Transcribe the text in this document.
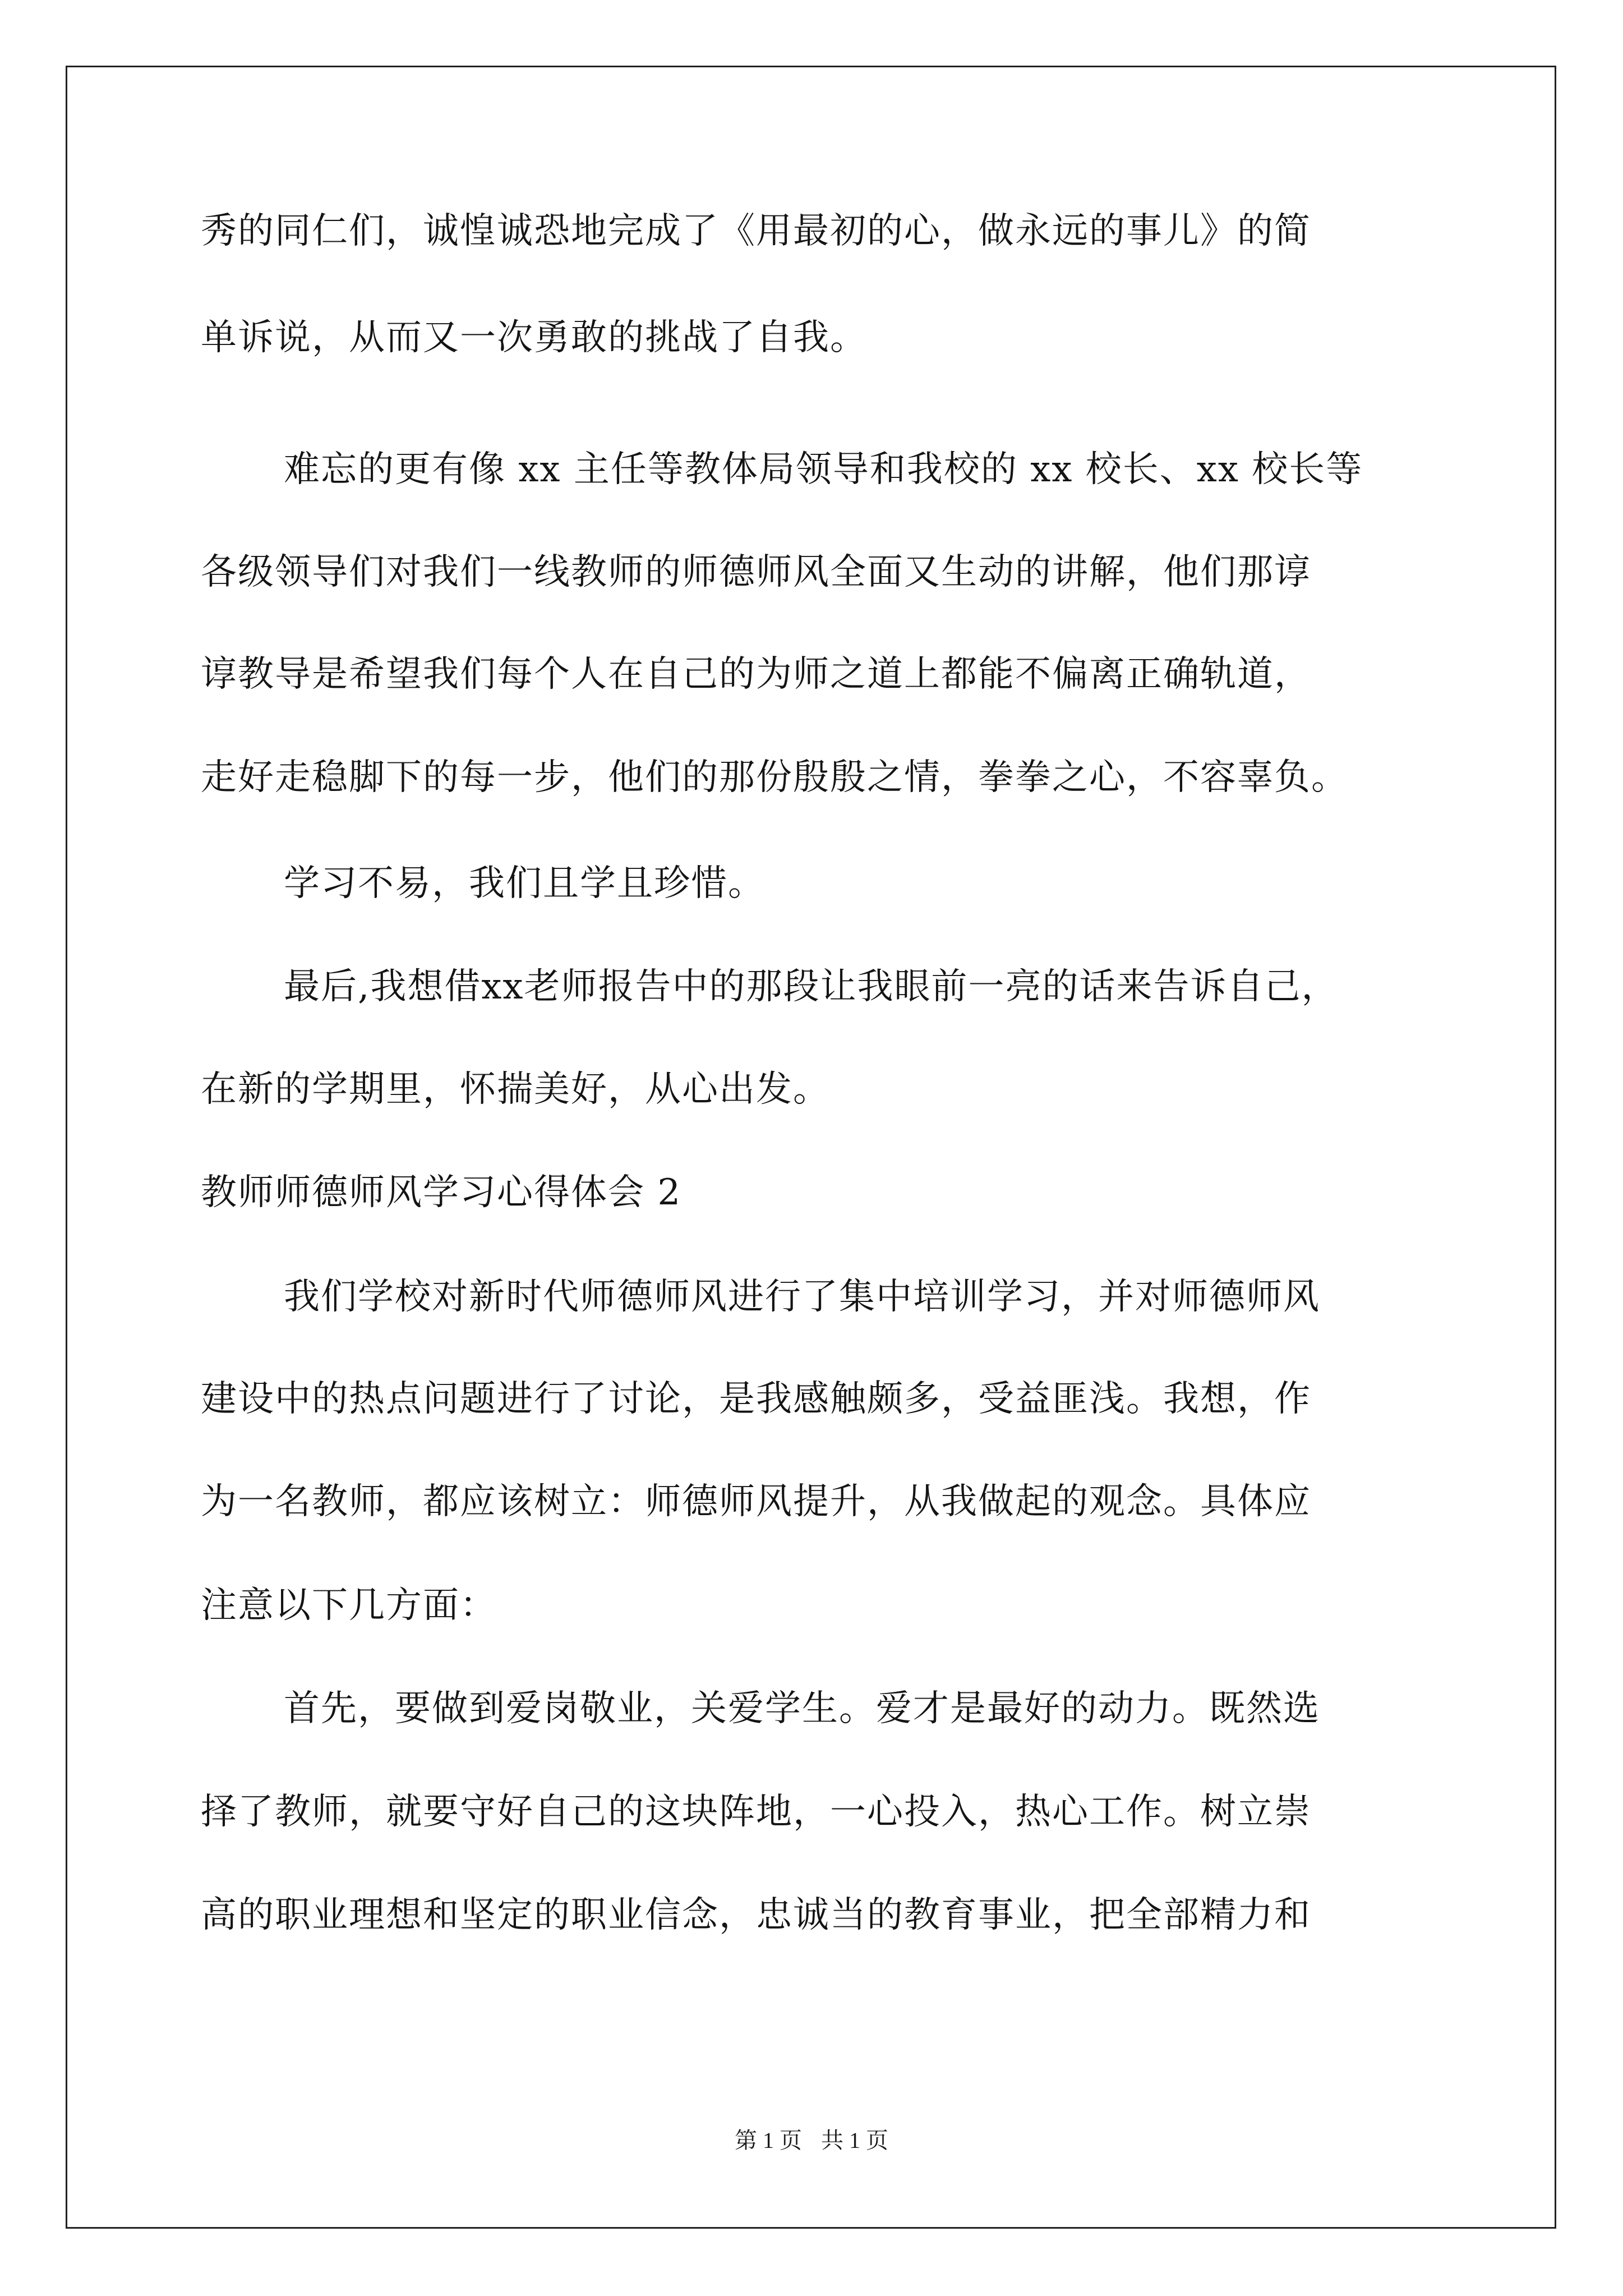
秀的同仁们，诚惶诚恐地完成了《用最初的心，做永远的事儿》的简
单诉说，从而又一次勇敢的挑战了自我。
难忘的更有像 xx 主任等教体局领导和我校的 xx 校长、xx 校长等
各级领导们对我们一线教师的师德师风全面又生动的讲解，他们那谆
谆教导是希望我们每个人在自己的为师之道上都能不偏离正确轨道，
走好走稳脚下的每一步，他们的那份殷殷之情，拳拳之心，不容辜负。
学习不易，我们且学且珍惜。
最后,我想借xx老师报告中的那段让我眼前一亮的话来告诉自己，
在新的学期里，怀揣美好，从心出发。
教师师德师风学习心得体会 2
我们学校对新时代师德师风进行了集中培训学习，并对师德师风
建设中的热点问题进行了讨论，是我感触颇多，受益匪浅。我想，作
为一名教师，都应该树立：师德师风提升，从我做起的观念。具体应
注意以下几方面：
首先，要做到爱岗敬业，关爱学生。爱才是最好的动力。既然选
择了教师，就要守好自己的这块阵地，一心投入，热心工作。树立崇
高的职业理想和坚定的职业信念，忠诚当的教育事业，把全部精力和
第 1 页 共 1 页
